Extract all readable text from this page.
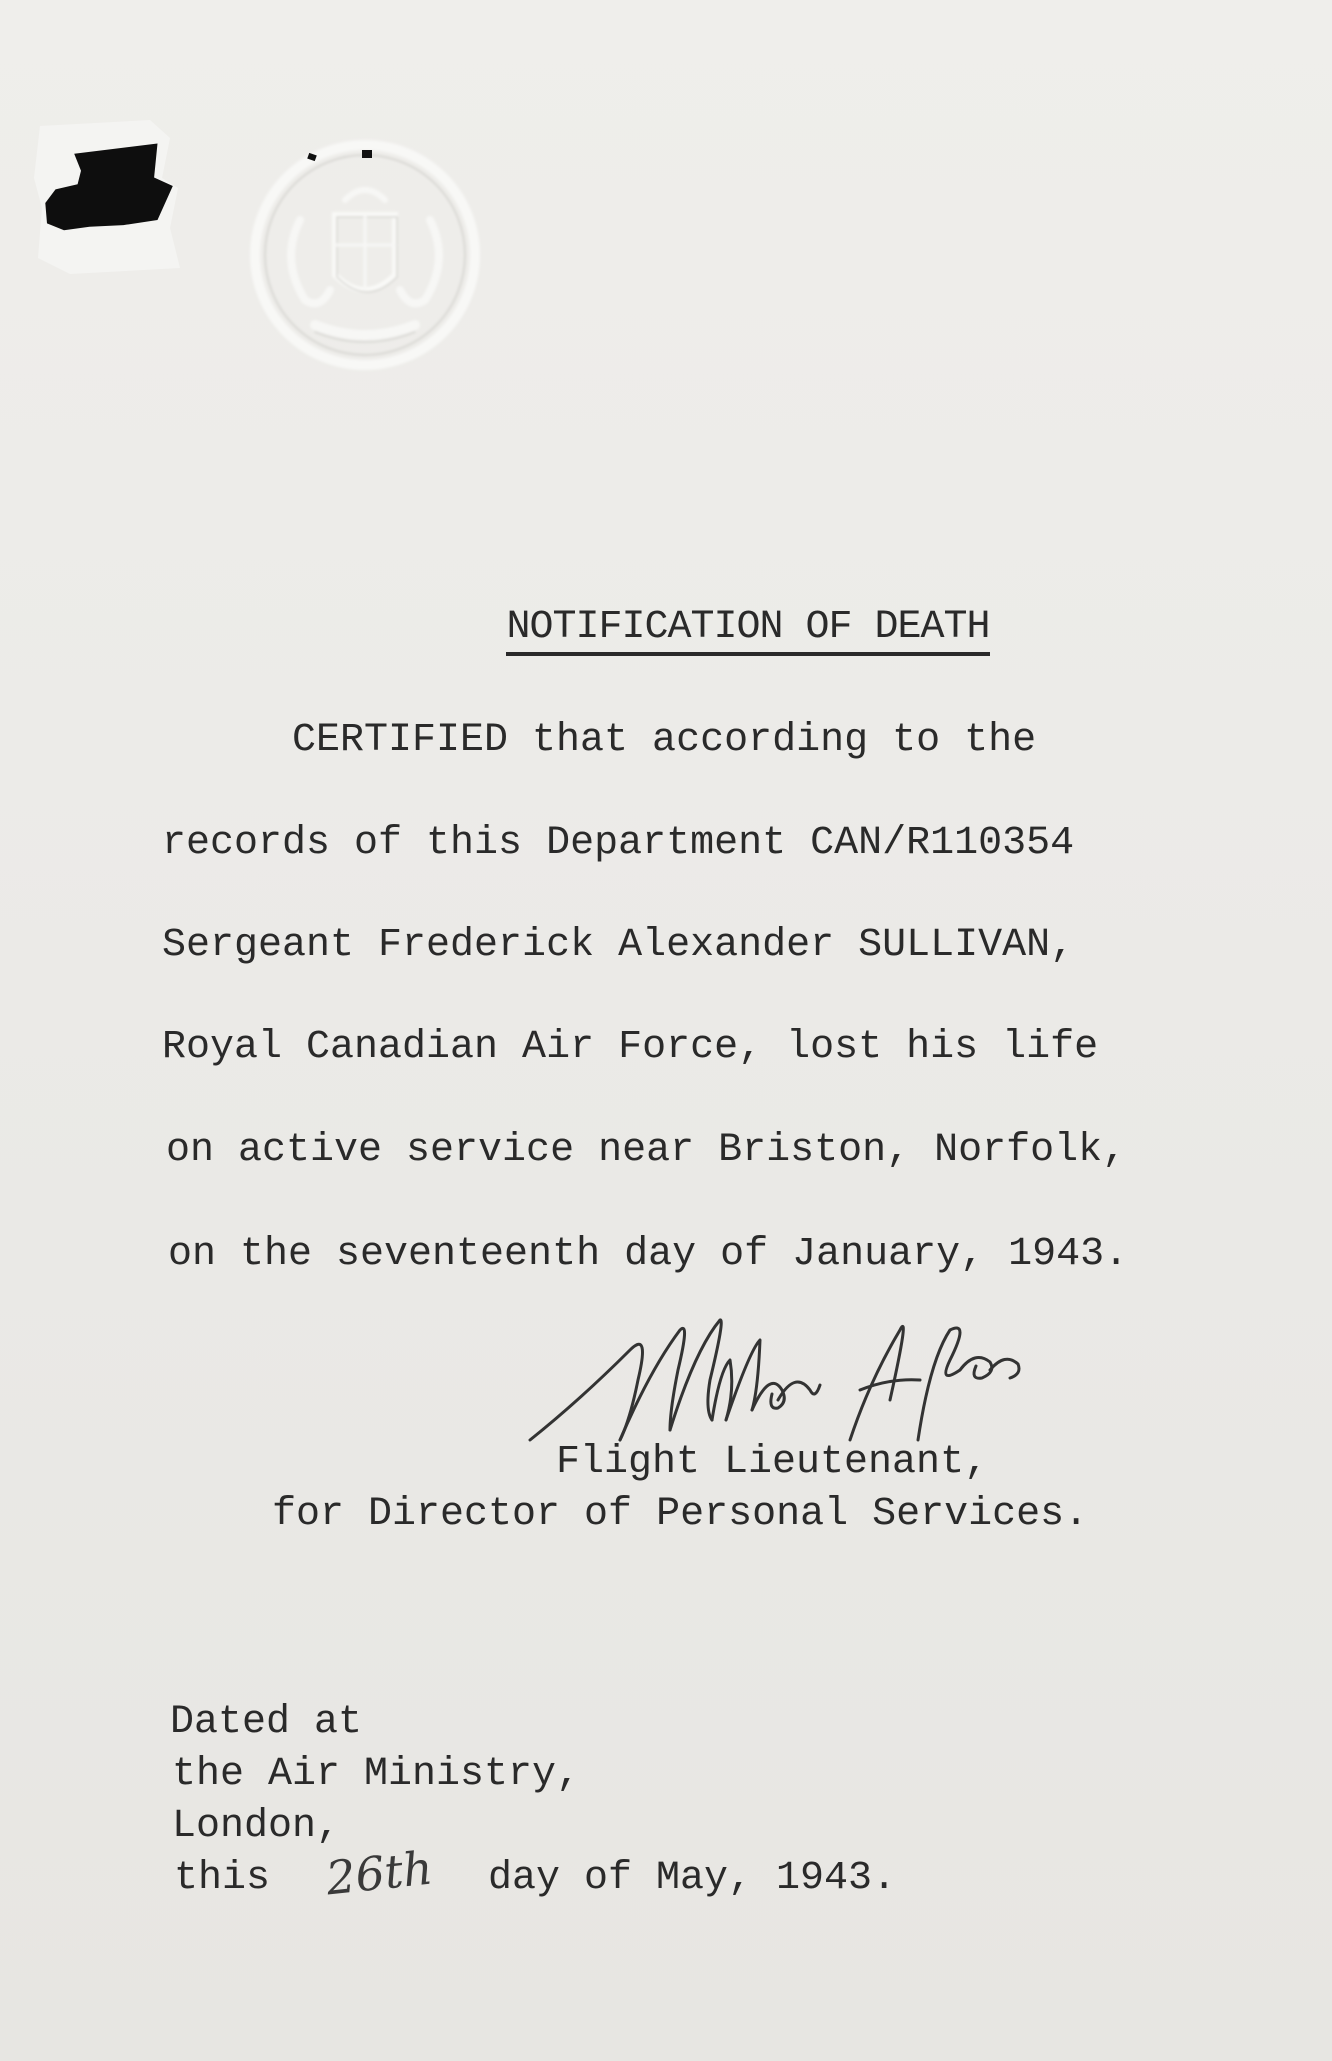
NOTIFICATION OF DEATH

CERTIFIED that according to the
records of this Department CAN/R110354
Sergeant Frederick Alexander SULLIVAN,
Royal Canadian Air Force, lost his life
on active service near Briston, Norfolk,
on the seventeenth day of January, 1943.
Flight Lieutenant,
for Director of Personal Services.
Dated at
the Air Ministry,
London,
this 26th day of May, 1943.
